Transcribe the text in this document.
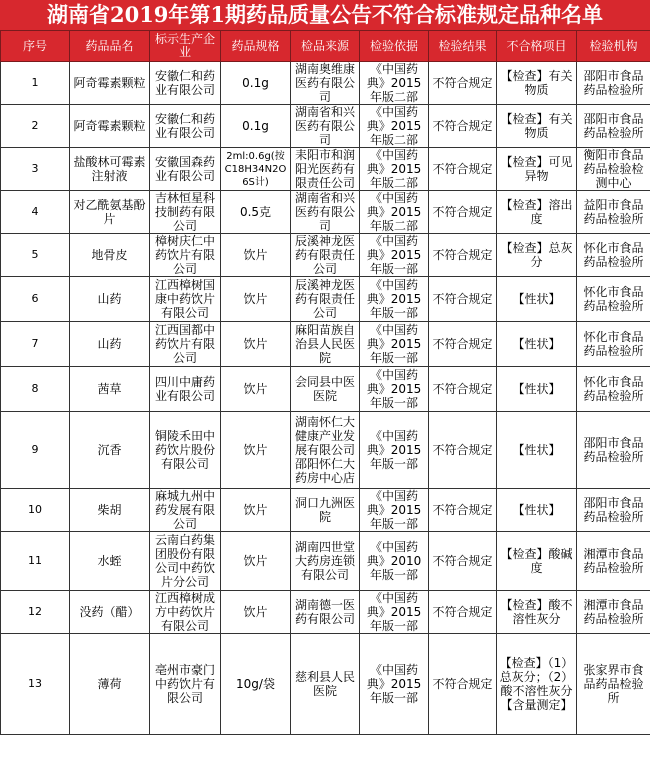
湖南省2019年第1期药品质量公告不符合标准规定品种名单
序号	药品品名	标示生产企业	药品规格	检品来源	检验依据	检验结果	不合格项目	检验机构
1	阿奇霉素颗粒	安徽仁和药业有限公司	0.1g	湖南奥维康医药有限公司	《中国药典》2015年版二部	不符合规定	【检查】有关物质	邵阳市食品药品检验所
2	阿奇霉素颗粒	安徽仁和药业有限公司	0.1g	湖南省和兴医药有限公司	《中国药典》2015年版二部	不符合规定	【检查】有关物质	邵阳市食品药品检验所
3	盐酸林可霉素注射液	安徽国森药业有限公司	2ml:0.6g(按C18H34N2O6S计)	耒阳市和润阳光医药有限责任公司	《中国药典》2015年版二部	不符合规定	【检查】可见异物	衡阳市食品药品检验检测中心
4	对乙酰氨基酚片	吉林恒星科技制药有限公司	0.5克	湖南省和兴医药有限公司	《中国药典》2015年版二部	不符合规定	【检查】溶出度	益阳市食品药品检验所
5	地骨皮	樟树庆仁中药饮片有限公司	饮片	辰溪神龙医药有限责任公司	《中国药典》2015年版一部	不符合规定	【检查】总灰分	怀化市食品药品检验所
6	山药	江西樟树国康中药饮片有限公司	饮片	辰溪神龙医药有限责任公司	《中国药典》2015年版一部	不符合规定	【性状】	怀化市食品药品检验所
7	山药	江西国都中药饮片有限公司	饮片	麻阳苗族自治县人民医院	《中国药典》2015年版一部	不符合规定	【性状】	怀化市食品药品检验所
8	茜草	四川中庸药业有限公司	饮片	会同县中医医院	《中国药典》2015年版一部	不符合规定	【性状】	怀化市食品药品检验所
9	沉香	铜陵禾田中药饮片股份有限公司	饮片	湖南怀仁大健康产业发展有限公司邵阳怀仁大药房中心店	《中国药典》2015年版一部	不符合规定	【性状】	邵阳市食品药品检验所
10	柴胡	麻城九州中药发展有限公司	饮片	洞口九洲医院	《中国药典》2015年版一部	不符合规定	【性状】	邵阳市食品药品检验所
11	水蛭	云南白药集团股份有限公司中药饮片分公司	饮片	湖南四世堂大药房连锁有限公司	《中国药典》2010年版一部	不符合规定	【检查】酸碱度	湘潭市食品药品检验所
12	没药（醋）	江西樟树成方中药饮片有限公司	饮片	湖南德一医药有限公司	《中国药典》2015年版一部	不符合规定	【检查】酸不溶性灰分	湘潭市食品药品检验所
13	薄荷	亳州市豪门中药饮片有限公司	10g/袋	慈利县人民医院	《中国药典》2015年版一部	不符合规定	【检查】（1）总灰分；（2）酸不溶性灰分【含量测定】	张家界市食品药品检验所
